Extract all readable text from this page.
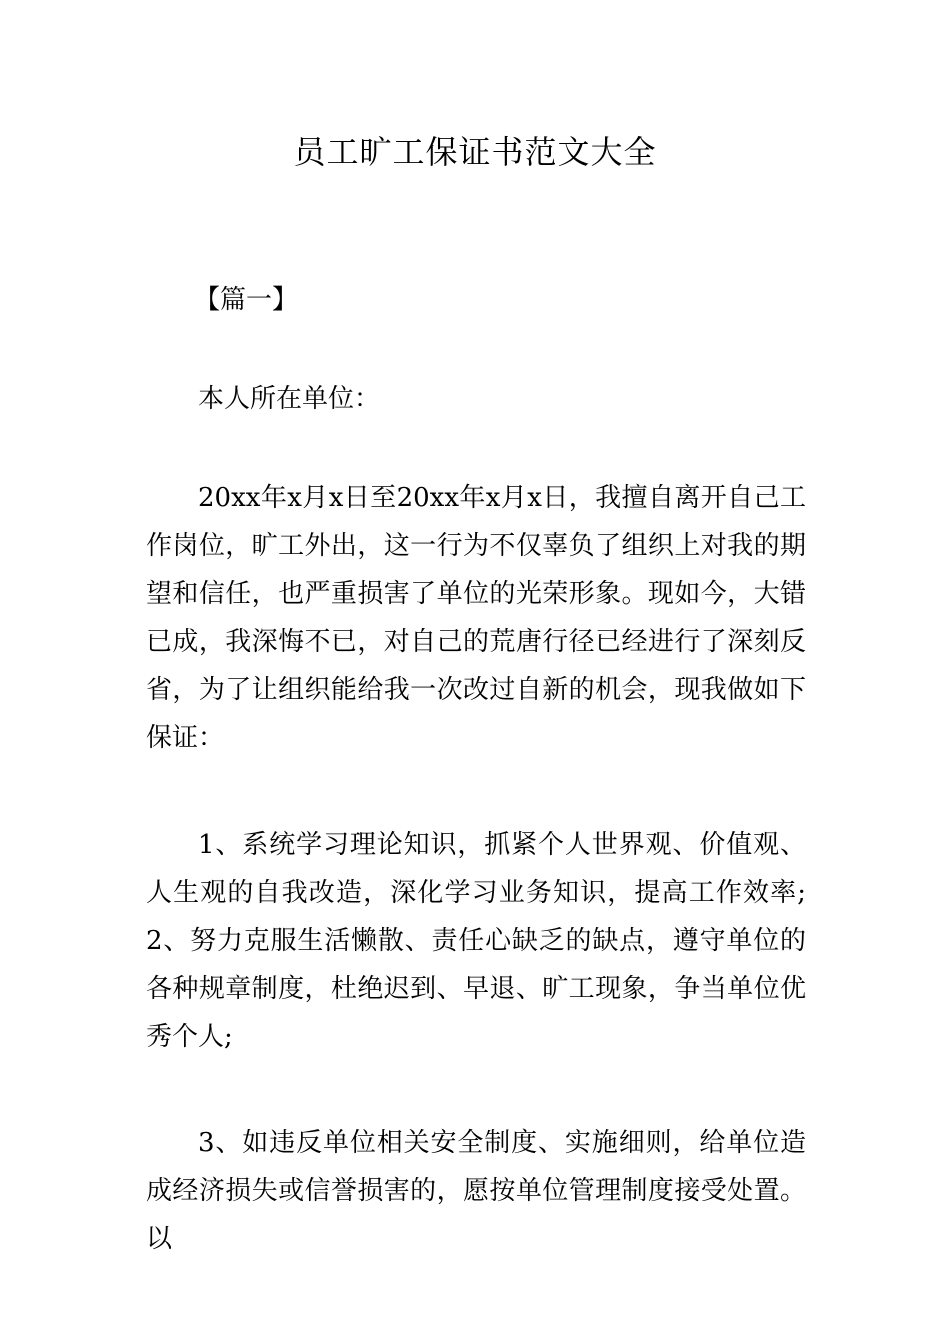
员工旷工保证书范文大全
【篇一】
本人所在单位：
20xx年x月x日至20xx年x月x日，我擅自离开自己工作岗位，旷工外出，这一行为不仅辜负了组织上对我的期望和信任，也严重损害了单位的光荣形象。现如今，大错已成，我深悔不已，对自己的荒唐行径已经进行了深刻反省，为了让组织能给我一次改过自新的机会，现我做如下保证：
1、系统学习理论知识，抓紧个人世界观、价值观、人生观的自我改造，深化学习业务知识，提高工作效率;2、努力克服生活懒散、责任心缺乏的缺点，遵守单位的各种规章制度，杜绝迟到、早退、旷工现象，争当单位优秀个人;
3、如违反单位相关安全制度、实施细则，给单位造成经济损失或信誉损害的，愿按单位管理制度接受处置。以
